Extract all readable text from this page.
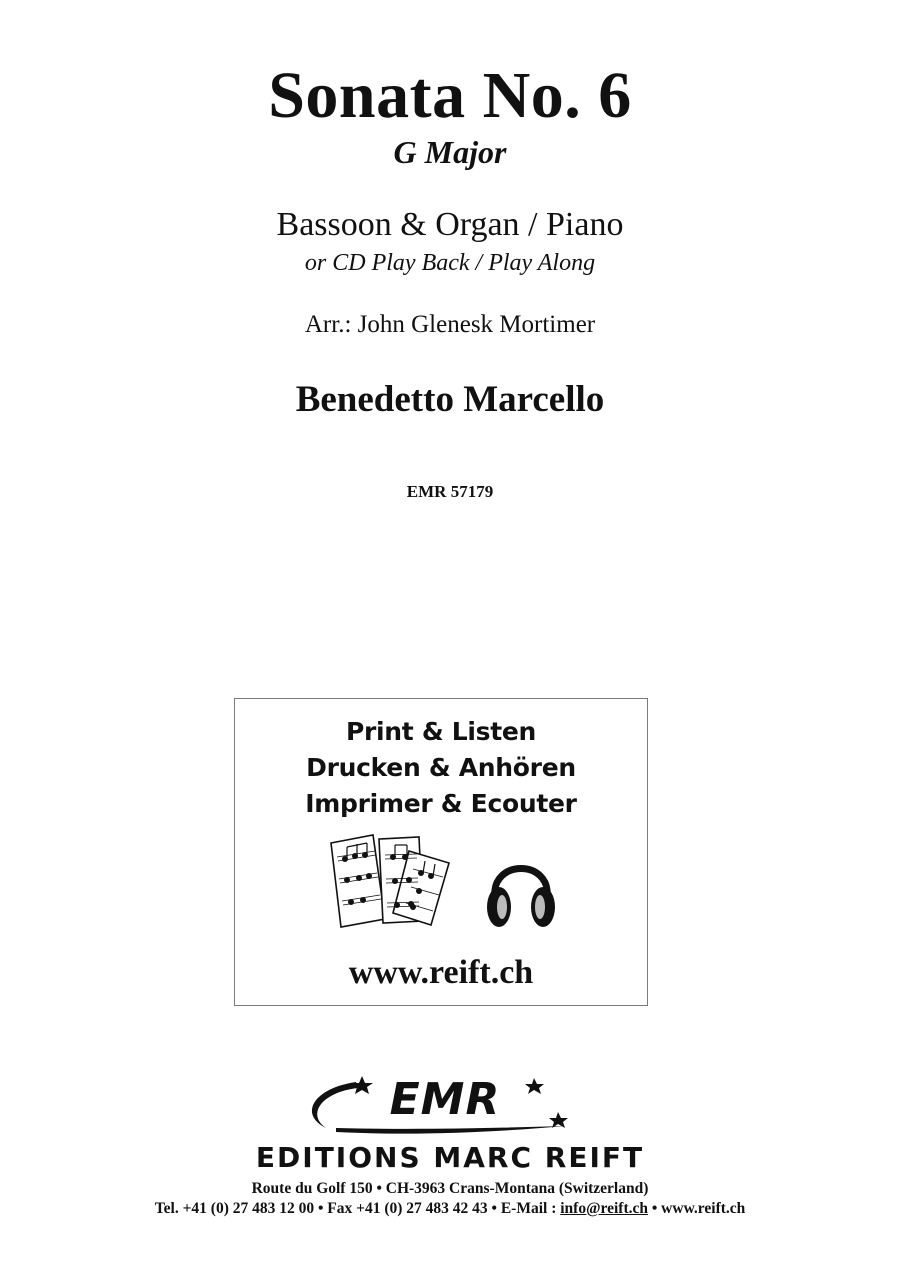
Sonata No. 6
G Major
Bassoon & Organ / Piano
or CD Play Back / Play Along
Arr.: John Glenesk Mortimer
Benedetto Marcello
EMR 57179
Print & Listen
Drucken & Anhören
Imprimer & Ecouter
www.reift.ch
EMR
EDITIONS MARC REIFT
Route du Golf 150 • CH-3963 Crans-Montana (Switzerland)
Tel. +41 (0) 27 483 12 00 • Fax +41 (0) 27 483 42 43 • E-Mail : info@reift.ch • www.reift.ch
